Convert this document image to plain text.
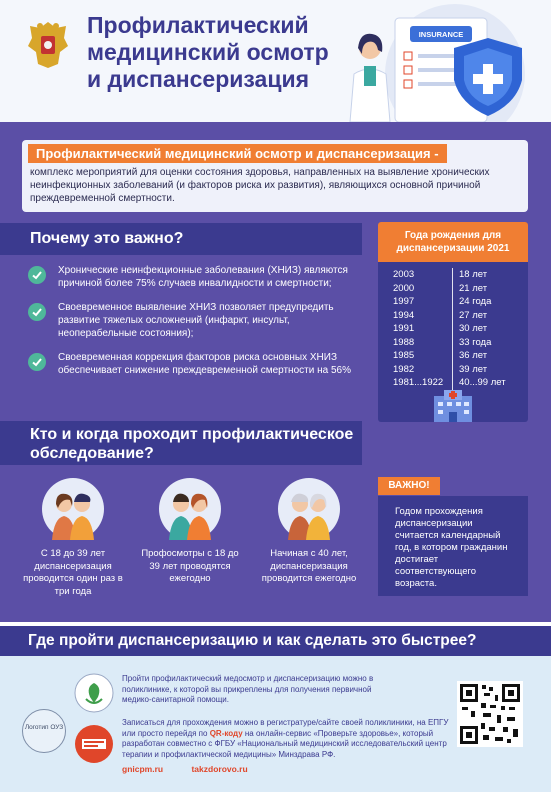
Профилактический
медицинский осмотр
и диспансеризация
INSURANCE
Профилактический медицинский осмотр и диспансеризация -
комплекс мероприятий для оценки состояния здоровья, направленных на выявление хронических неинфекционных заболеваний (и факторов риска их развития), являющихся основной причиной преждевременной смертности.
Почему это важно?
Хронические неинфекционные заболевания (ХНИЗ) являются причиной более 75% случаев инвалидности и смертности;
Своевременное выявление ХНИЗ позволяет предупредить развитие тяжелых осложнений (инфаркт, инсульт, неоперабельные состояния);
Своевременная коррекция факторов риска основных ХНИЗ обеспечивает снижение преждевременной смертности на 56%
Года рождения для диспансеризации 2021
2003	18 лет
2000	21 лет
1997	24 года
1994	27 лет
1991	30 лет
1988	33 года
1985	36 лет
1982	39 лет
1981...1922	40...99 лет
Кто и когда проходит профилактическое обследование?
С 18 до 39 лет диспансеризация проводится один раз в три года
Профосмотры с 18 до 39 лет проводятся ежегодно
Начиная с 40 лет, диспансеризация проводится ежегодно
ВАЖНО!
Годом прохождения диспансеризации считается календарный год, в котором гражданин достигает соответствующего возраста.
Где пройти диспансеризацию и как сделать это быстрее?
Логотип ОУЗ
Пройти профилактический медосмотр и диспансеризацию можно в поликлинике, к которой вы прикреплены для получения первичной медико-санитарной помощи.
Записаться для прохождения можно в регистратуре/сайте своей поликлиники, на ЕПГУ или просто перейдя по QR-коду на онлайн-сервис «Проверьте здоровье», который разработан совместно с ФГБУ «Национальный медицинский исследовательский центр терапии и профилактической медицины» Минздрава РФ.
gnicpm.ru	takzdorovo.ru
